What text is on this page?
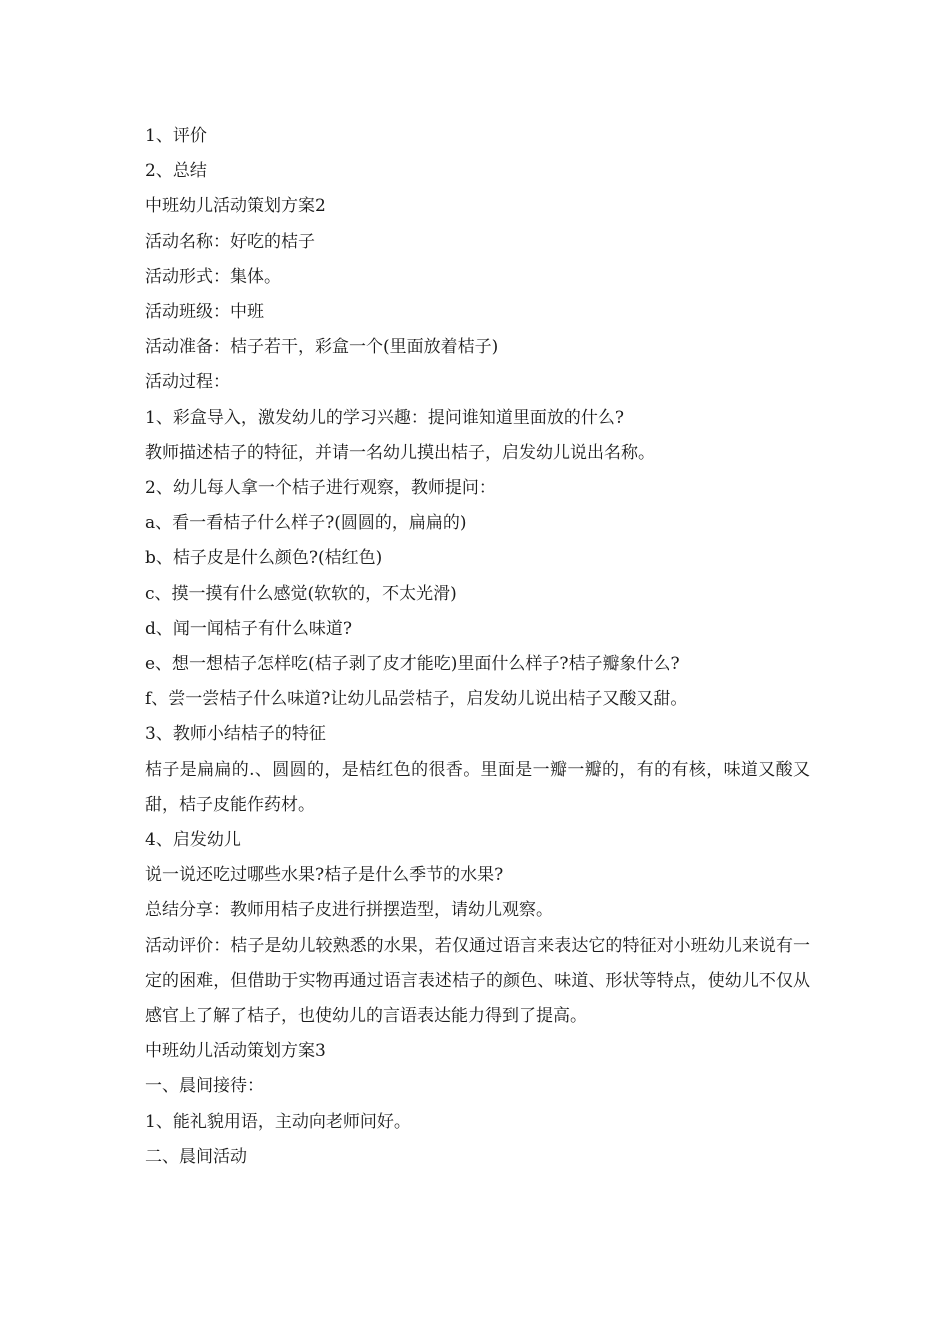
1、评价
2、总结
中班幼儿活动策划方案2
活动名称：好吃的桔子
活动形式：集体。
活动班级：中班
活动准备：桔子若干，彩盒一个(里面放着桔子)
活动过程：
1、彩盒导入，激发幼儿的学习兴趣：提问谁知道里面放的什么?
教师描述桔子的特征，并请一名幼儿摸出桔子，启发幼儿说出名称。
2、幼儿每人拿一个桔子进行观察，教师提问：
a、看一看桔子什么样子?(圆圆的，扁扁的)
b、桔子皮是什么颜色?(桔红色)
c、摸一摸有什么感觉(软软的，不太光滑)
d、闻一闻桔子有什么味道?
e、想一想桔子怎样吃(桔子剥了皮才能吃)里面什么样子?桔子瓣象什么?
f、尝一尝桔子什么味道?让幼儿品尝桔子，启发幼儿说出桔子又酸又甜。
3、教师小结桔子的特征
桔子是扁扁的.、圆圆的，是桔红色的很香。里面是一瓣一瓣的，有的有核，味道又酸又甜，桔子皮能作药材。
4、启发幼儿
说一说还吃过哪些水果?桔子是什么季节的水果?
总结分享：教师用桔子皮进行拼摆造型，请幼儿观察。
活动评价：桔子是幼儿较熟悉的水果，若仅通过语言来表达它的特征对小班幼儿来说有一定的困难，但借助于实物再通过语言表述桔子的颜色、味道、形状等特点，使幼儿不仅从感官上了解了桔子，也使幼儿的言语表达能力得到了提高。
中班幼儿活动策划方案3
一、晨间接待：
1、能礼貌用语，主动向老师问好。
二、晨间活动
